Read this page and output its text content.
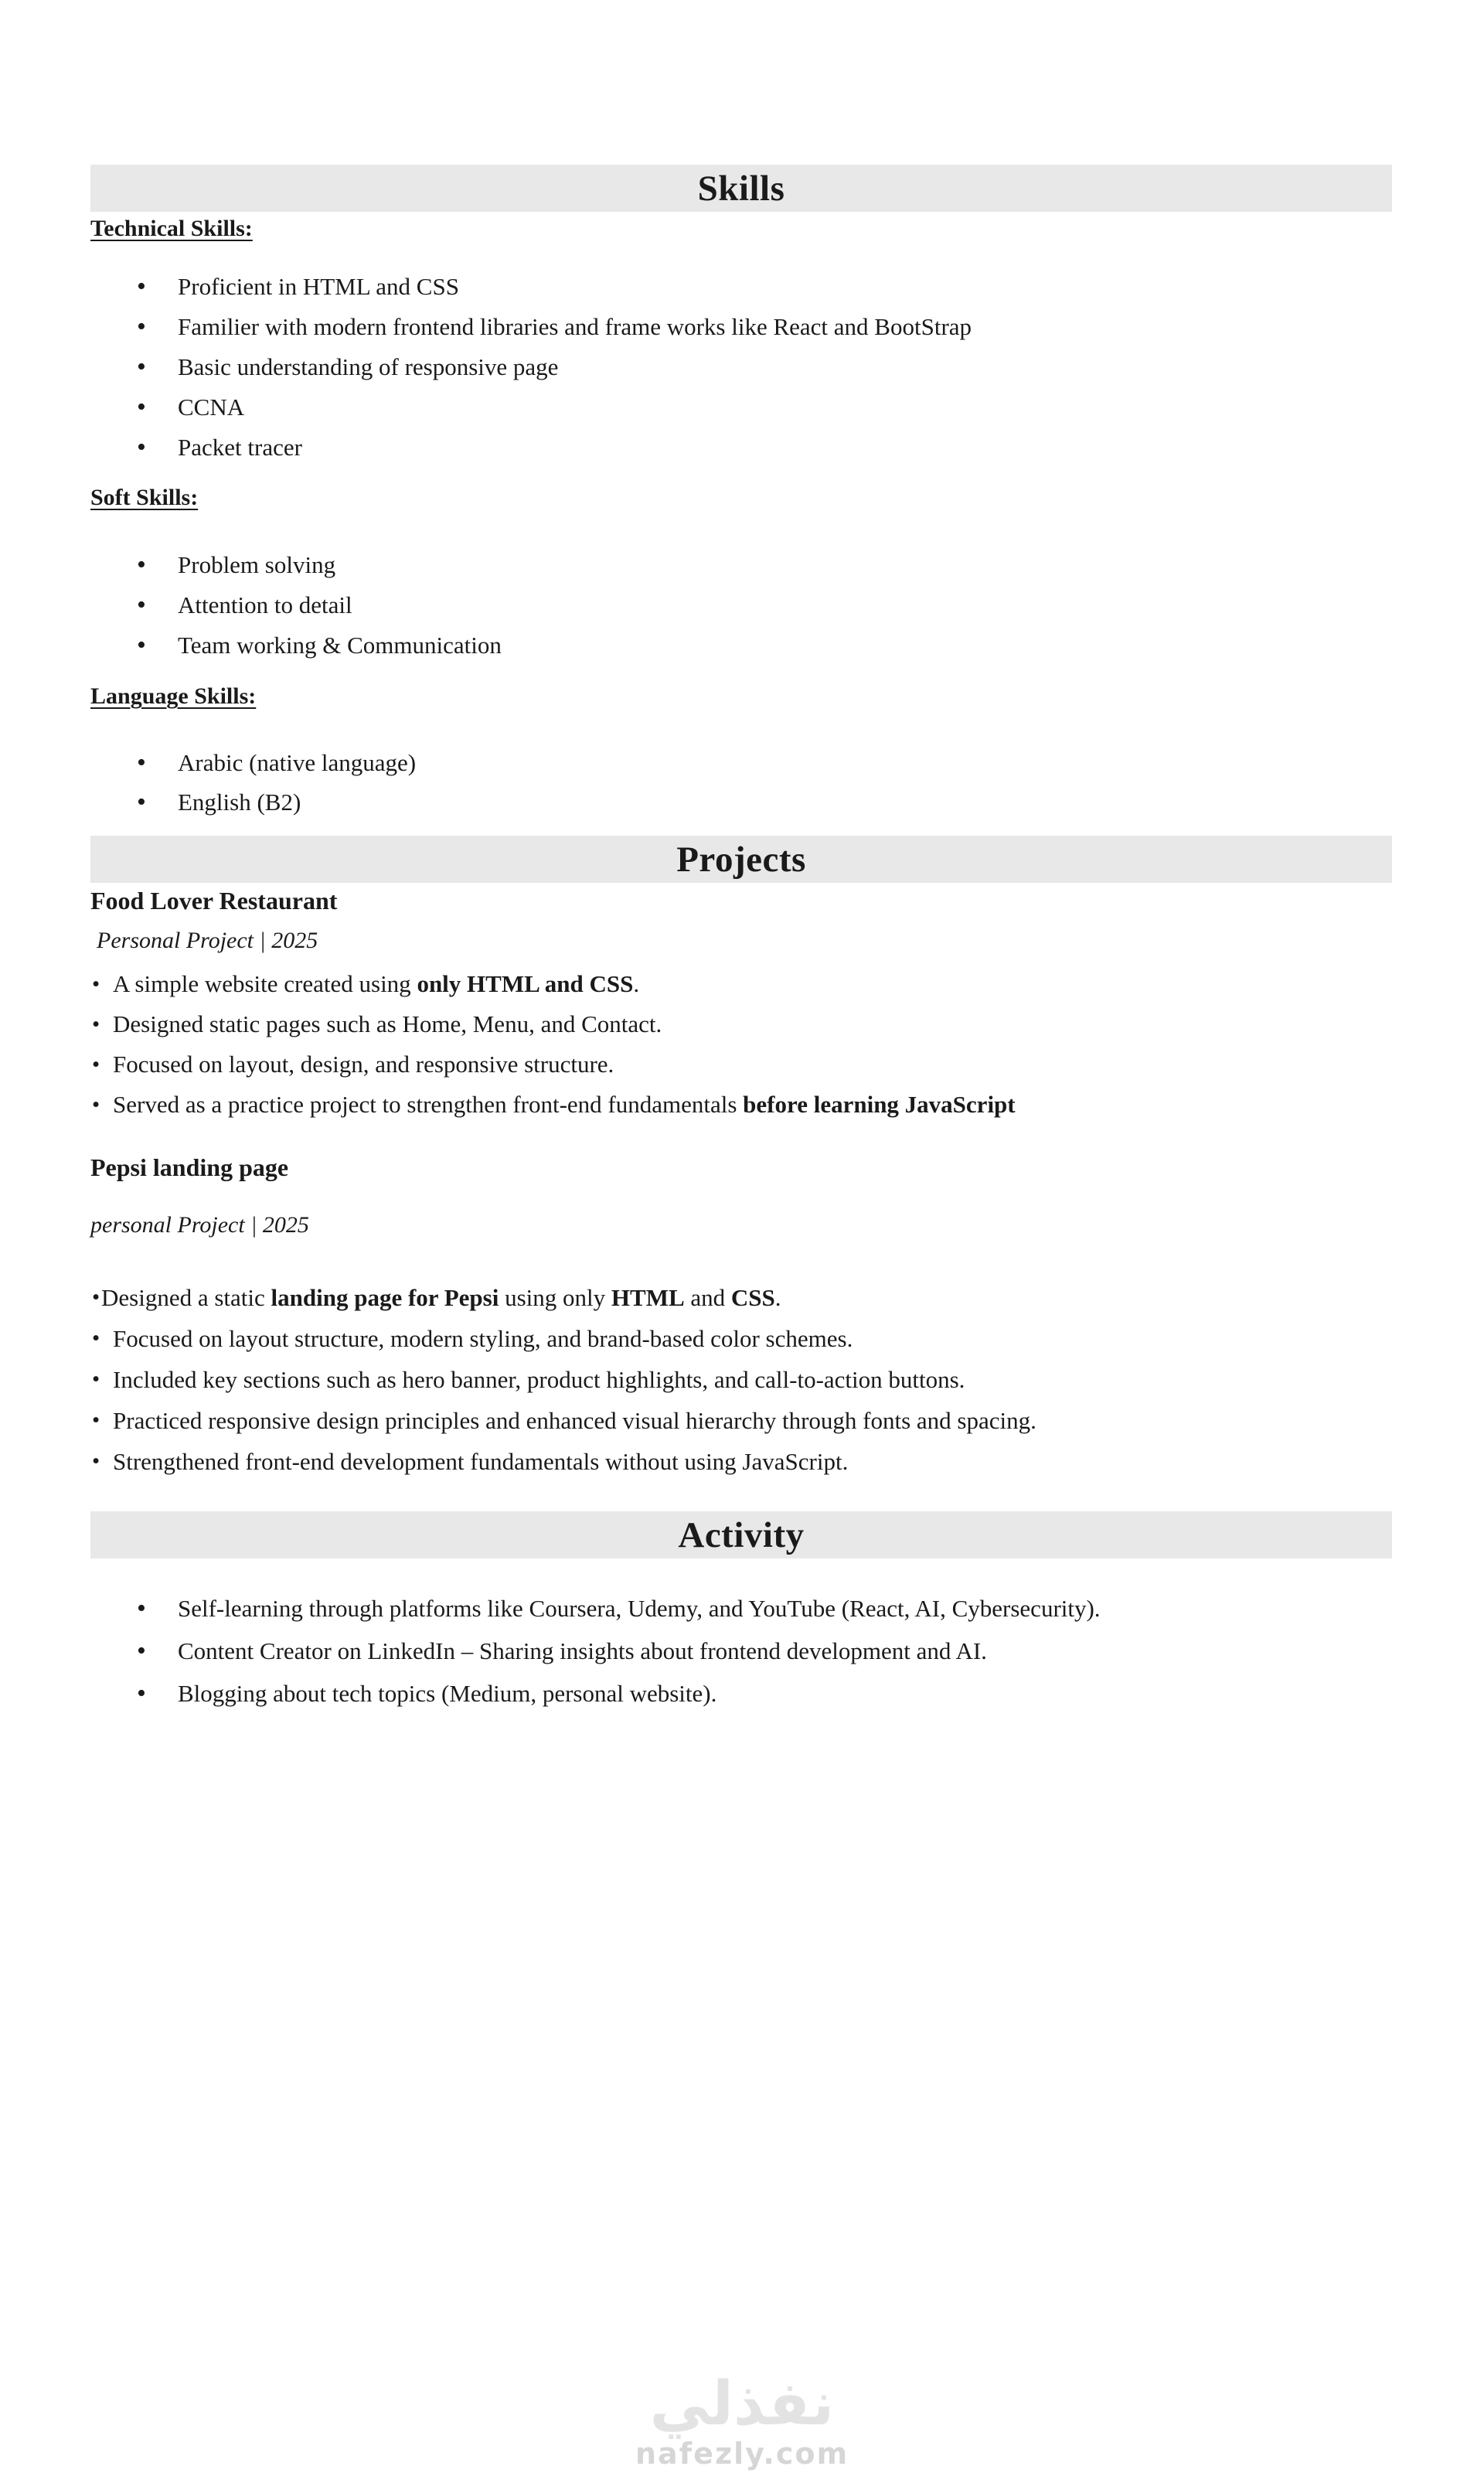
Skills
Technical Skills:
• Proficient in HTML and CSS
• Familier with modern frontend libraries and frame works like React and BootStrap
• Basic understanding of responsive page
• CCNA
• Packet tracer
Soft Skills:
• Problem solving
• Attention to detail
• Team working & Communication
Language Skills:
• Arabic (native language)
• English (B2)
Projects
Food Lover Restaurant
Personal Project | 2025
• A simple website created using only HTML and CSS.
• Designed static pages such as Home, Menu, and Contact.
• Focused on layout, design, and responsive structure.
• Served as a practice project to strengthen front-end fundamentals before learning JavaScript
Pepsi landing page
personal Project | 2025
• Designed a static landing page for Pepsi using only HTML and CSS.
• Focused on layout structure, modern styling, and brand-based color schemes.
• Included key sections such as hero banner, product highlights, and call-to-action buttons.
• Practiced responsive design principles and enhanced visual hierarchy through fonts and spacing.
• Strengthened front-end development fundamentals without using JavaScript.
Activity
• Self-learning through platforms like Coursera, Udemy, and YouTube (React, AI, Cybersecurity).
• Content Creator on LinkedIn – Sharing insights about frontend development and AI.
• Blogging about tech topics (Medium, personal website).
نفذلي
nafezly.com
